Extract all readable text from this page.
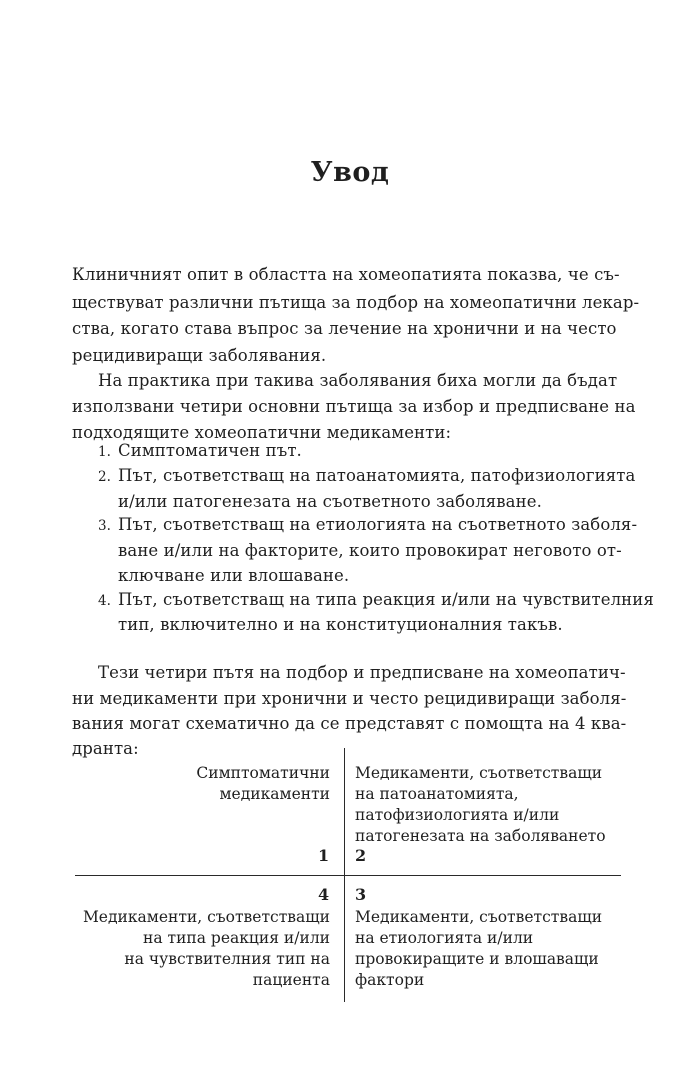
Увод
Клиничният опит в областта на хомеопатията показва, че съ-
ществуват различни пътища за подбор на хомеопатични лекар-
ства, когато става въпрос за лечение на хронични и на често
рецидивиращи заболявания.
На практика при такива заболявания биха могли да бъдат
използвани четири основни пътища за избор и предписване на
подходящите хомеопатични медикаменти:
1. Симптоматичен път.
2. Път, съответстващ на патоанатомията, патофизиологията
и/или патогенезата на съответното заболяване.
3. Път, съответстващ на етиологията на съответното заболя-
ване и/или на факторите, които провокират неговото от-
ключване или влошаване.
4. Път, съответстващ на типа реакция и/или на чувствителния
тип, включително и на конституционалния такъв.
Тези четири пътя на подбор и предписване на хомеопатич-
ни медикаменти при хронични и често рецидивиращи заболя-
вания могат схематично да се представят с помощта на 4 ква-
дранта:
Симптоматични
медикаменти
1
Медикаменти, съответстващи
на патоанатомията,
патофизиологията и/или
патогенезата на заболяването
2
4
Медикаменти, съответстващи
на типа реакция и/или
на чувствителния тип на
пациента
3
Медикаменти, съответстващи
на етиологията и/или
провокиращите и влошаващи
фактори
